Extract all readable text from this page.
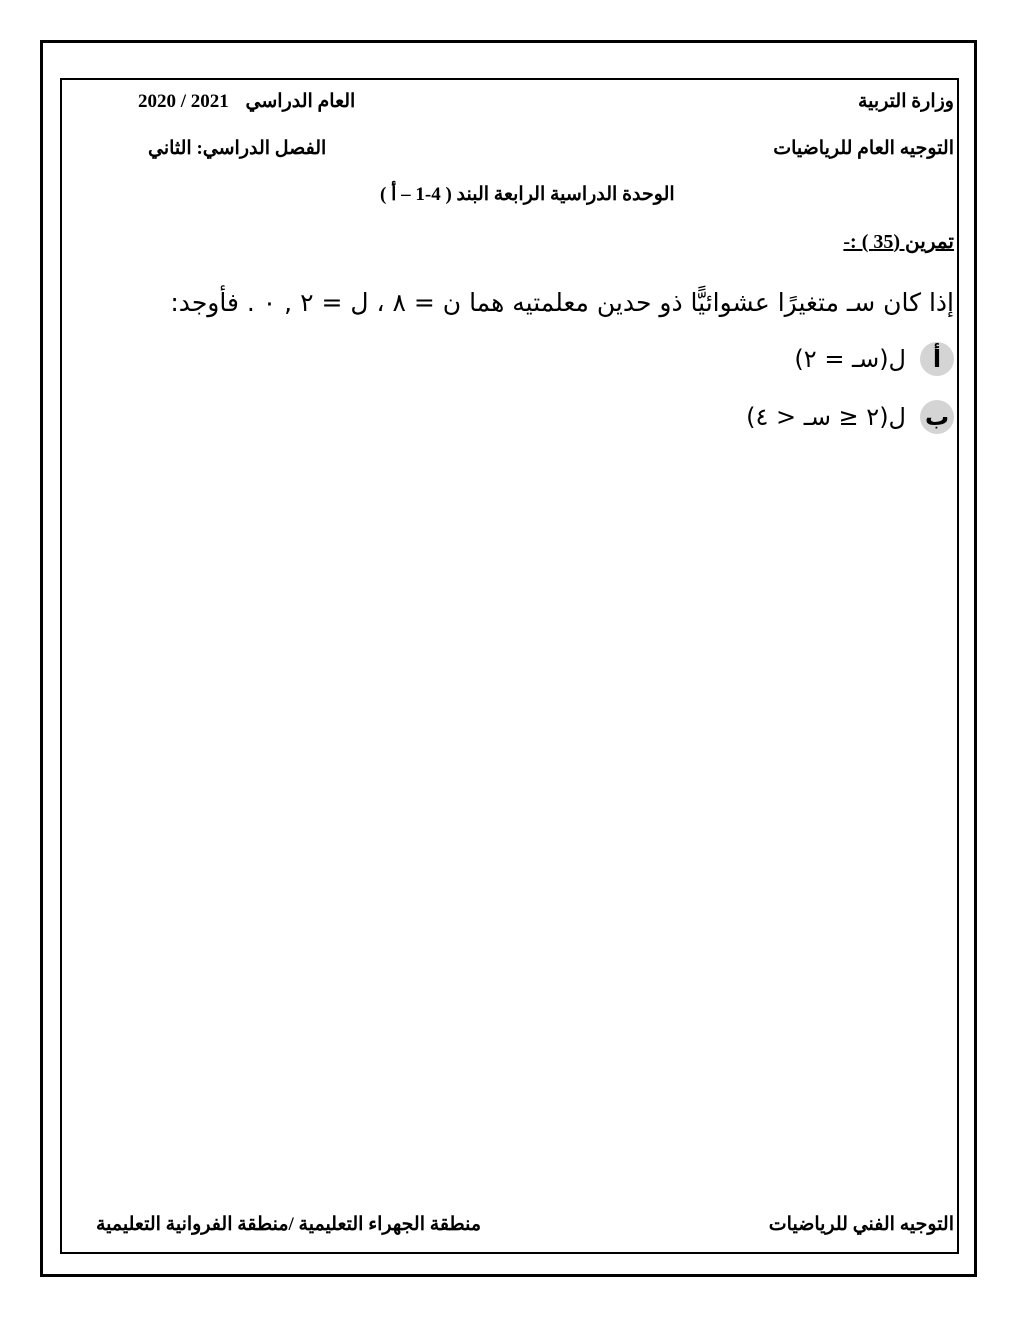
وزارة التربية
2020 / 2021 العام الدراسي
التوجيه العام للرياضيات
الفصل الدراسي: الثاني
الوحدة الدراسية الرابعة البند ( 4-1 – أ )
تمرين (35 ) :-
إذا كان سـ متغيرًا عشوائيًّا ذو حدين معلمتيه هما ن = ٨ ، ل = ٢ , ٠ . فأوجد:
أ
ل(سـ = ٢)
ب
ل(٢ ≤ سـ < ٤)
التوجيه الفني للرياضيات
منطقة الجهراء التعليمية /منطقة الفروانية التعليمية
